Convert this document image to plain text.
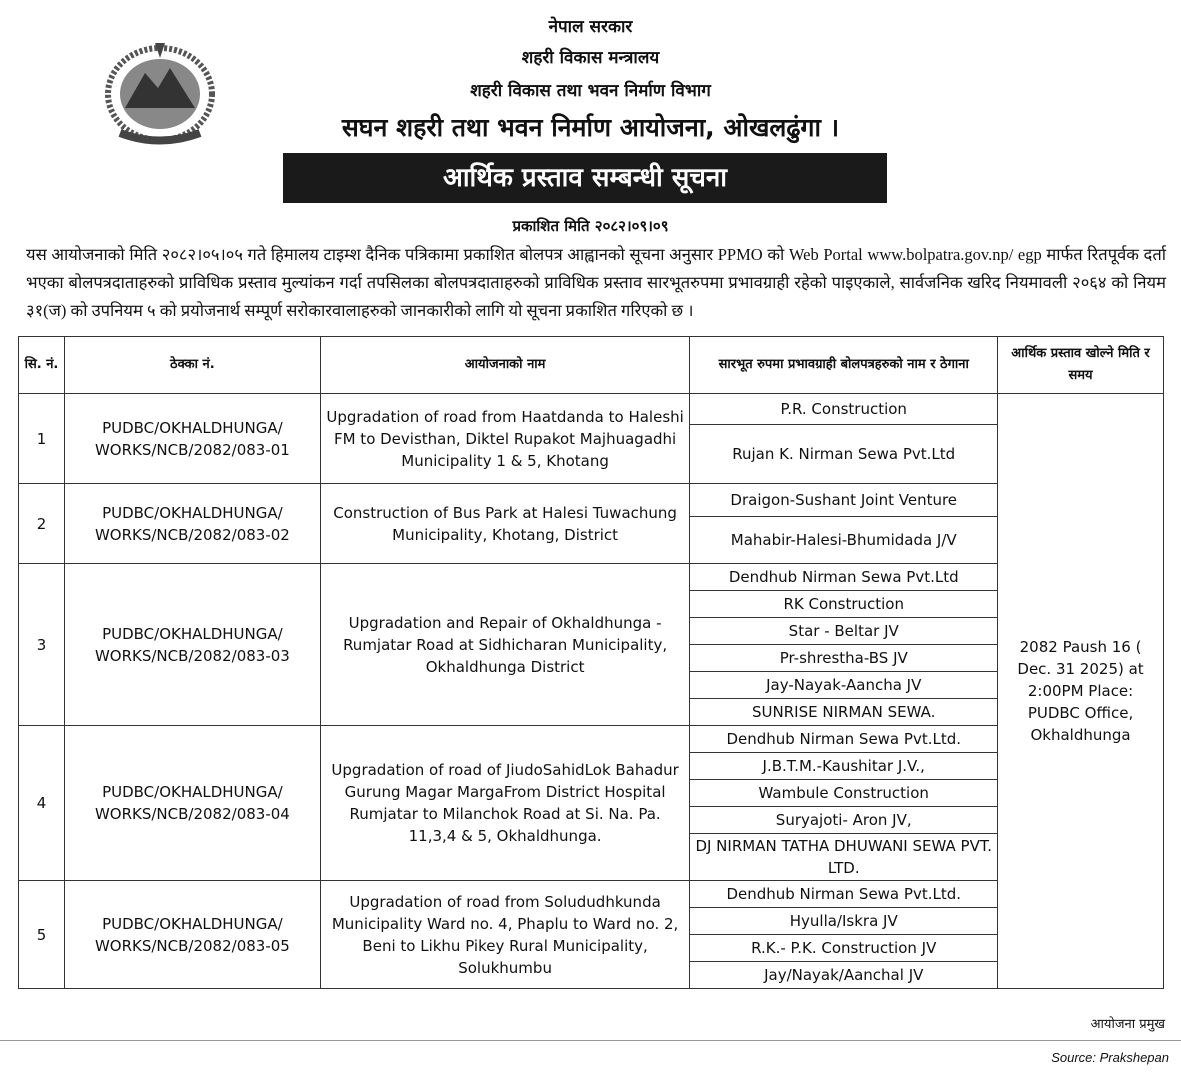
नेपाल सरकार
शहरी विकास मन्त्रालय
शहरी विकास तथा भवन निर्माण विभाग
सघन शहरी तथा भवन निर्माण आयोजना, ओखलढुंगा ।
आर्थिक प्रस्ताव सम्बन्धी सूचना
प्रकाशित मिति २०८२।०९।०९
यस आयोजनाको मिति २०८२।०५।०५ गते हिमालय टाइम्श दैनिक पत्रिकामा प्रकाशित बोलपत्र आह्वानको सूचना अनुसार PPMO को Web Portal www.bolpatra.gov.np/ egp मार्फत रितपूर्वक दर्ता भएका बोलपत्रदाताहरुको प्राविधिक प्रस्ताव मुल्यांकन गर्दा तपसिलका बोलपत्रदाताहरुको प्राविधिक प्रस्ताव सारभूतरुपमा प्रभावग्राही रहेको पाइएकाले, सार्वजनिक खरिद नियमावली २०६४ को नियम ३१(ज) को उपनियम ५ को प्रयोजनार्थ सम्पूर्ण सरोकारवालाहरुको जानकारीको लागि यो सूचना प्रकाशित गरिएको छ ।
सि. नं.	ठेक्का नं.	आयोजनाको नाम	सारभूत रुपमा प्रभावग्राही बोलपत्रहरुको नाम र ठेगाना	आर्थिक प्रस्ताव खोल्ने मिति र समय
1	PUDBC/OKHALDHUNGA/ WORKS/NCB/2082/083-01	Upgradation of road from Haatdanda to Haleshi FM to Devisthan, Diktel Rupakot Majhuagadhi Municipality 1 & 5, Khotang	P.R. Construction	2082 Paush 16 ( Dec. 31 2025) at 2:00PM Place: PUDBC Office, Okhaldhunga
			Rujan K. Nirman Sewa Pvt.Ltd	
2	PUDBC/OKHALDHUNGA/ WORKS/NCB/2082/083-02	Construction of Bus Park at Halesi Tuwachung Municipality, Khotang, District	Draigon-Sushant Joint Venture	
			Mahabir-Halesi-Bhumidada J/V	
3	PUDBC/OKHALDHUNGA/ WORKS/NCB/2082/083-03	Upgradation and Repair of Okhaldhunga -Rumjatar Road at Sidhicharan Municipality, Okhaldhunga District	Dendhub Nirman Sewa Pvt.Ltd	
			RK Construction	
			Star - Beltar JV	
			Pr-shrestha-BS JV	
			Jay-Nayak-Aancha JV	
			SUNRISE NIRMAN SEWA.	
4	PUDBC/OKHALDHUNGA/ WORKS/NCB/2082/083-04	Upgradation of road of JiudoSahidLok Bahadur Gurung Magar MargaFrom District Hospital Rumjatar to Milanchok Road at Si. Na. Pa. 11,3,4 & 5, Okhaldhunga.	Dendhub Nirman Sewa Pvt.Ltd.	
			J.B.T.M.-Kaushitar J.V.,	
			Wambule Construction	
			Suryajoti- Aron JV,	
			DJ NIRMAN TATHA DHUWANI SEWA PVT. LTD.	
5	PUDBC/OKHALDHUNGA/ WORKS/NCB/2082/083-05	Upgradation of road from Solududhkunda Municipality Ward no. 4, Phaplu to Ward no. 2, Beni to Likhu Pikey Rural Municipality, Solukhumbu	Dendhub Nirman Sewa Pvt.Ltd.	
			Hyulla/Iskra JV	
			R.K.- P.K. Construction JV	
			Jay/Nayak/Aanchal JV	
आयोजना प्रमुख
Source: Prakshepan
